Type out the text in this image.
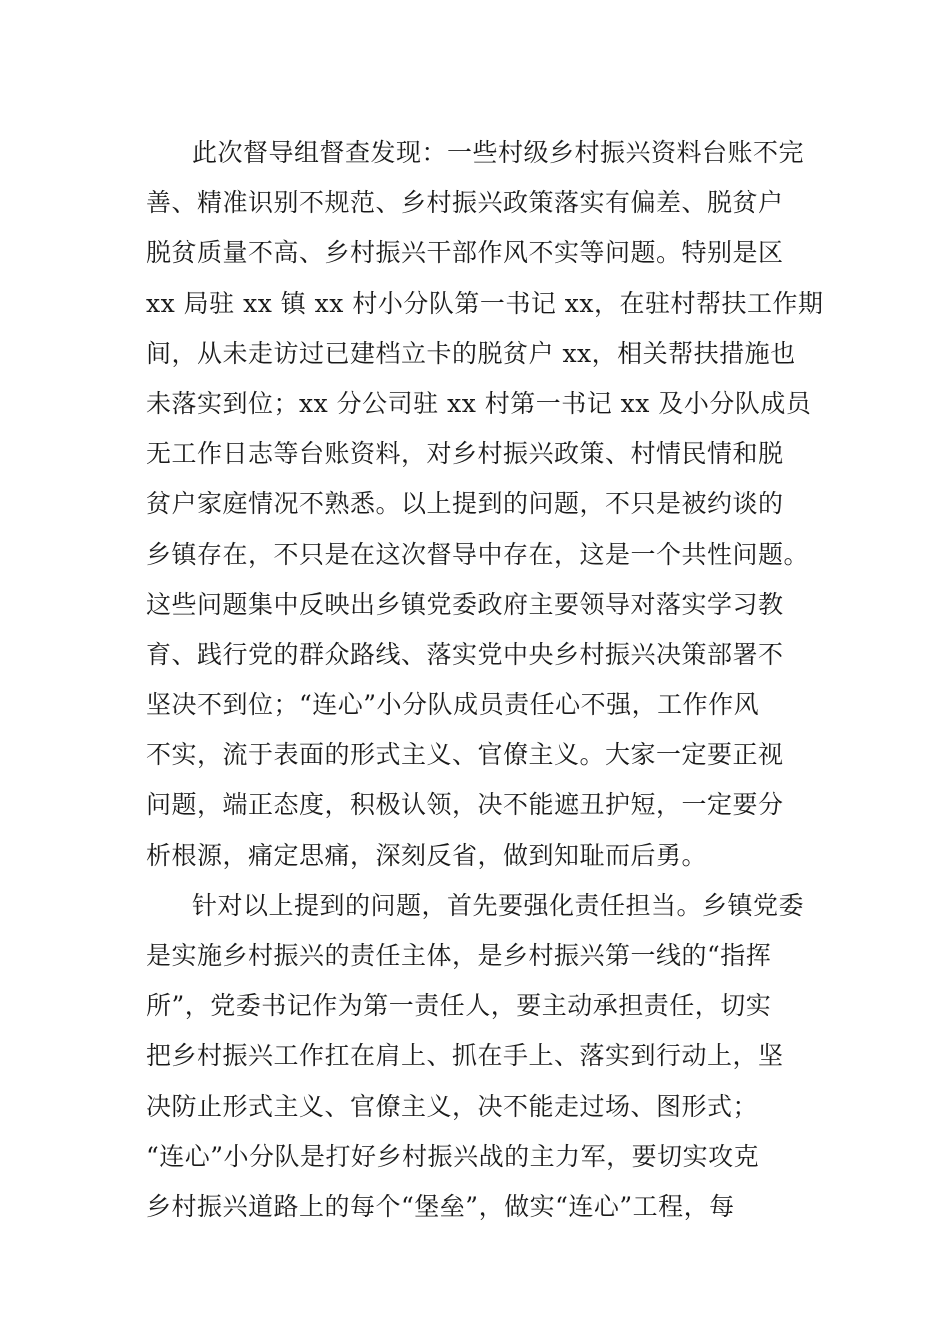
此次督导组督查发现：一些村级乡村振兴资料台账不完
善、精准识别不规范、乡村振兴政策落实有偏差、脱贫户
脱贫质量不高、乡村振兴干部作风不实等问题。特别是区
xx 局驻 xx 镇 xx 村小分队第一书记 xx，在驻村帮扶工作期
间，从未走访过已建档立卡的脱贫户 xx，相关帮扶措施也
未落实到位；xx 分公司驻 xx 村第一书记 xx 及小分队成员
无工作日志等台账资料，对乡村振兴政策、村情民情和脱
贫户家庭情况不熟悉。以上提到的问题，不只是被约谈的
乡镇存在，不只是在这次督导中存在，这是一个共性问题。
这些问题集中反映出乡镇党委政府主要领导对落实学习教
育、践行党的群众路线、落实党中央乡村振兴决策部署不
坚决不到位；“连心”小分队成员责任心不强，工作作风
不实，流于表面的形式主义、官僚主义。大家一定要正视
问题，端正态度，积极认领，决不能遮丑护短，一定要分
析根源，痛定思痛，深刻反省，做到知耻而后勇。
针对以上提到的问题，首先要强化责任担当。乡镇党委
是实施乡村振兴的责任主体，是乡村振兴第一线的“指挥
所”，党委书记作为第一责任人，要主动承担责任，切实
把乡村振兴工作扛在肩上、抓在手上、落实到行动上，坚
决防止形式主义、官僚主义，决不能走过场、图形式；
“连心”小分队是打好乡村振兴战的主力军，要切实攻克
乡村振兴道路上的每个“堡垒”，做实“连心”工程，每
